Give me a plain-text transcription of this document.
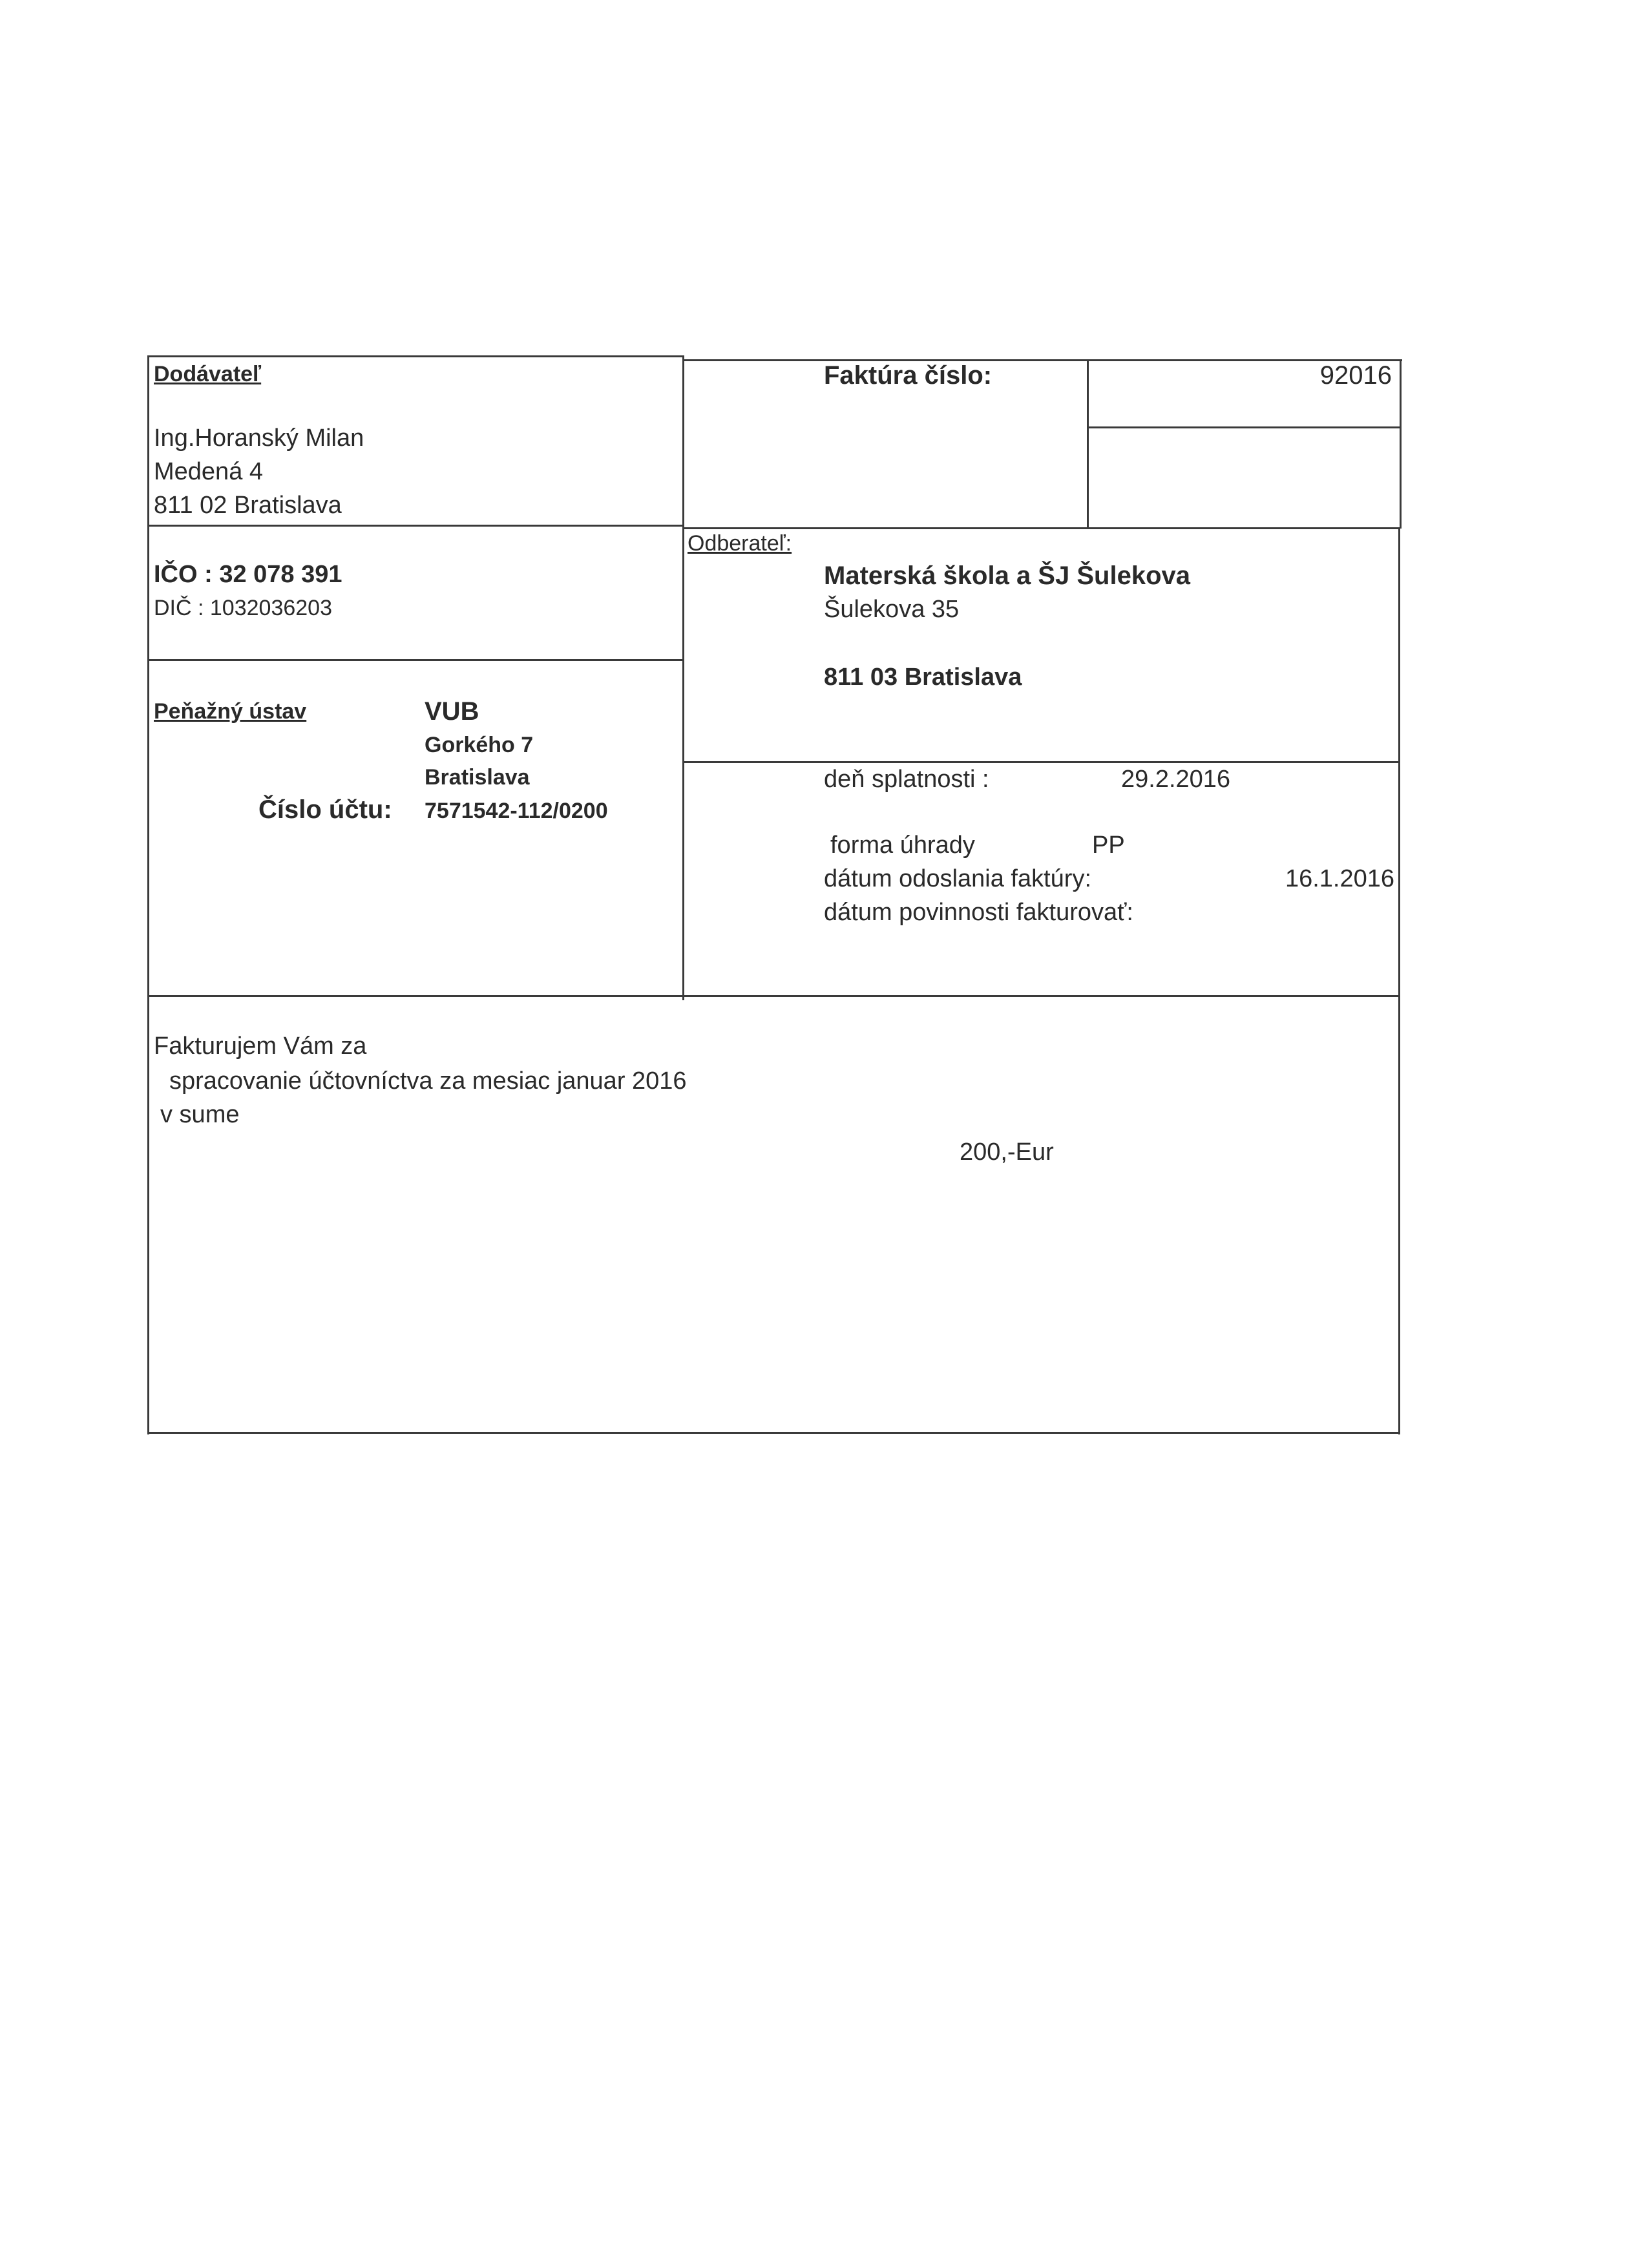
Dodávateľ
Ing.Horanský Milan
Medená 4
811 02 Bratislava
IČO : 32 078 391
DIČ : 1032036203
Peňažný ústav	VUB
Gorkého 7
Bratislava
Číslo účtu: 7571542-112/0200
Faktúra číslo:	92016
Odberateľ:
Materská škola a ŠJ Šulekova
Šulekova 35
811 03 Bratislava
deň splatnosti :	29.2.2016
forma úhrady	PP
dátum odoslania faktúry:	16.1.2016
dátum povinnosti fakturovať:
Fakturujem Vám za
spracovanie účtovníctva za mesiac januar 2016
v sume
200,-Eur
